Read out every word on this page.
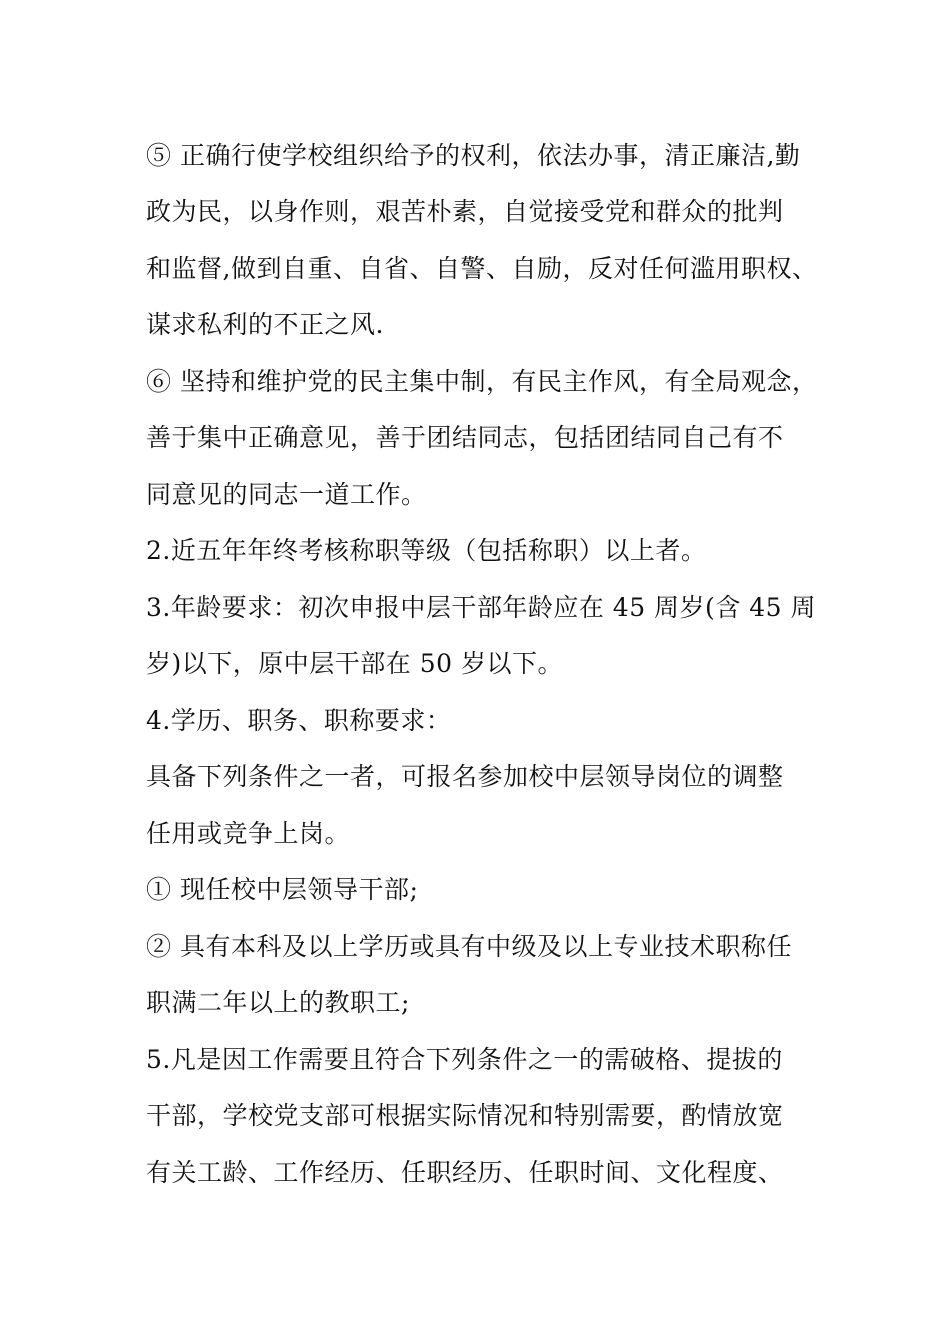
⑤ 正确行使学校组织给予的权利，依法办事，清正廉洁,勤
政为民，以身作则，艰苦朴素，自觉接受党和群众的批判
和监督,做到自重、自省、自警、自励，反对任何滥用职权、
谋求私利的不正之风.
⑥ 坚持和维护党的民主集中制，有民主作风，有全局观念，
善于集中正确意见，善于团结同志，包括团结同自己有不
同意见的同志一道工作。
2.近五年年终考核称职等级（包括称职）以上者。
3.年龄要求：初次申报中层干部年龄应在 45 周岁(含 45 周
岁)以下，原中层干部在 50 岁以下。
4.学历、职务、职称要求：
具备下列条件之一者，可报名参加校中层领导岗位的调整
任用或竞争上岗。
① 现任校中层领导干部;
② 具有本科及以上学历或具有中级及以上专业技术职称任
职满二年以上的教职工;
5.凡是因工作需要且符合下列条件之一的需破格、提拔的
干部，学校党支部可根据实际情况和特别需要，酌情放宽
有关工龄、工作经历、任职经历、任职时间、文化程度、
